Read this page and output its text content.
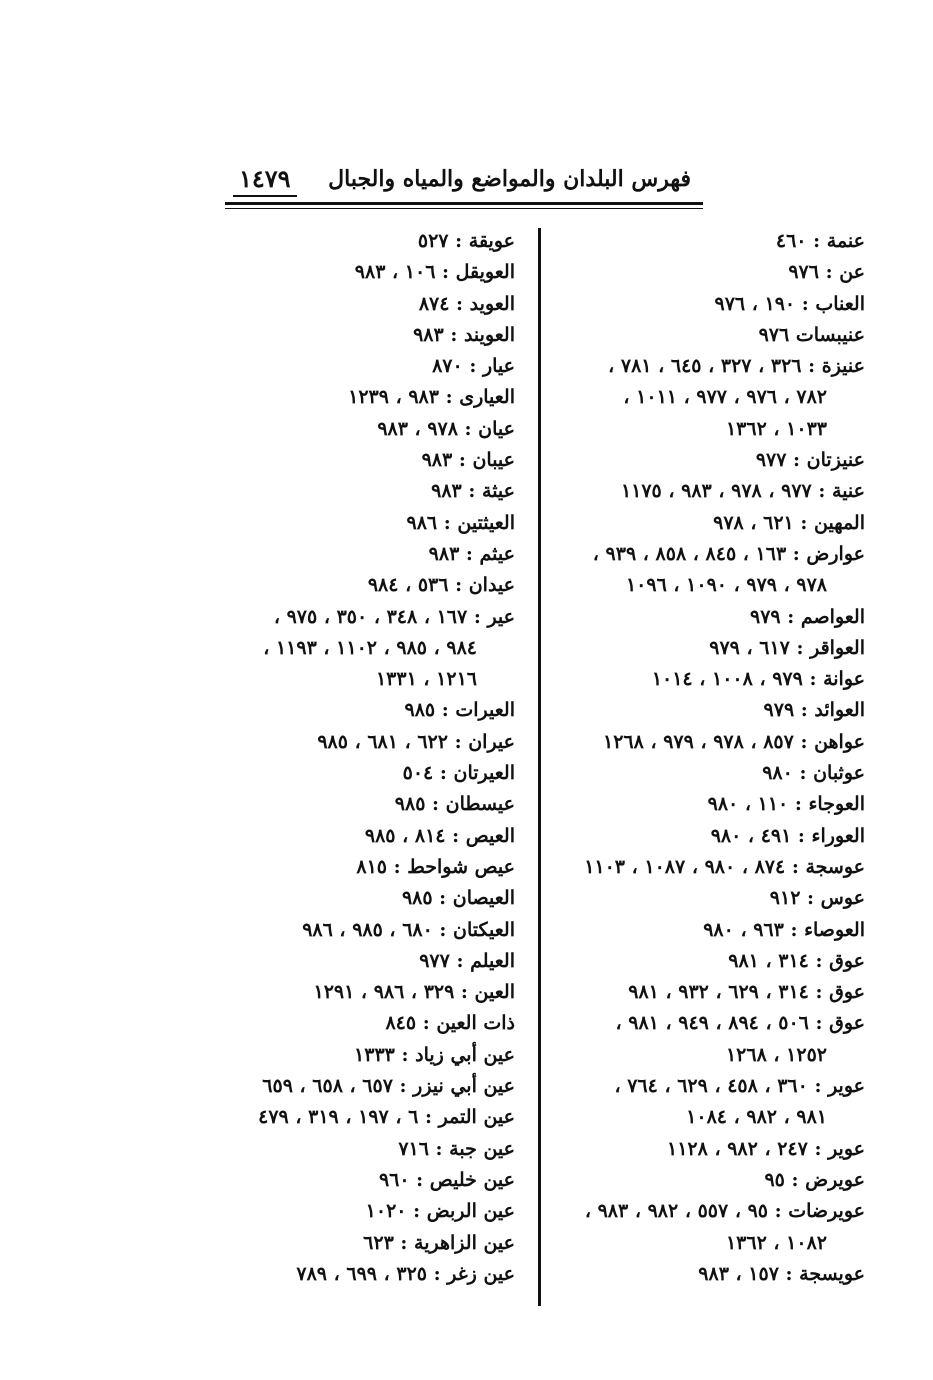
١٤٧٩ فهرس البلدان والمواضع والمياه والجبال
عنمة : ٤٦٠
عن : ٩٧٦
العناب : ١٩٠ ، ٩٧٦
عنيبسات ٩٧٦
عنيزة : ٣٢٦ ، ٣٢٧ ، ٦٤٥ ، ٧٨١ ،
٧٨٢ ، ٩٧٦ ، ٩٧٧ ، ١٠١١ ،
١٠٣٣ ، ١٣٦٢
عنيزتان : ٩٧٧
عنية : ٩٧٧ ، ٩٧٨ ، ٩٨٣ ، ١١٧٥
المهين : ٦٢١ ، ٩٧٨
عوارض : ١٦٣ ، ٨٤٥ ، ٨٥٨ ، ٩٣٩ ،
٩٧٨ ، ٩٧٩ ، ١٠٩٠ ، ١٠٩٦
العواصم : ٩٧٩
العواقر : ٦١٧ ، ٩٧٩
عوانة : ٩٧٩ ، ١٠٠٨ ، ١٠١٤
العوائد : ٩٧٩
عواهن : ٨٥٧ ، ٩٧٨ ، ٩٧٩ ، ١٢٦٨
عوثبان : ٩٨٠
العوجاء : ١١٠ ، ٩٨٠
العوراء : ٤٩١ ، ٩٨٠
عوسجة : ٨٧٤ ، ٩٨٠ ، ١٠٨٧ ، ١١٠٣
عوس : ٩١٢
العوصاء : ٩٦٣ ، ٩٨٠
عوق : ٣١٤ ، ٩٨١
عوق : ٣١٤ ، ٦٢٩ ، ٩٣٢ ، ٩٨١
عوق : ٥٠٦ ، ٨٩٤ ، ٩٤٩ ، ٩٨١ ،
١٢٥٢ ، ١٢٦٨
عوير : ٣٦٠ ، ٤٥٨ ، ٦٢٩ ، ٧٦٤ ،
٩٨١ ، ٩٨٢ ، ١٠٨٤
عوير : ٢٤٧ ، ٩٨٢ ، ١١٢٨
عويرض : ٩٥
عويرضات : ٩٥ ، ٥٥٧ ، ٩٨٢ ، ٩٨٣ ،
١٠٨٢ ، ١٣٦٢
عويسجة : ١٥٧ ، ٩٨٣
عويقة : ٥٢٧
العويقل : ١٠٦ ، ٩٨٣
العويد : ٨٧٤
العويند : ٩٨٣
عيار : ٨٧٠
العيارى : ٩٨٣ ، ١٢٣٩
عيان : ٩٧٨ ، ٩٨٣
عيبان : ٩٨٣
عيثة : ٩٨٣
العيثتين : ٩٨٦
عيثم : ٩٨٣
عيدان : ٥٣٦ ، ٩٨٤
عير : ١٦٧ ، ٣٤٨ ، ٣٥٠ ، ٩٧٥ ،
٩٨٤ ، ٩٨٥ ، ١١٠٢ ، ١١٩٣ ،
١٢١٦ ، ١٣٣١
العيرات : ٩٨٥
عيران : ٦٢٢ ، ٦٨١ ، ٩٨٥
العيرتان : ٥٠٤
عيسطان : ٩٨٥
العيص : ٨١٤ ، ٩٨٥
عيص شواحط : ٨١٥
العيصان : ٩٨٥
العيكتان : ٦٨٠ ، ٩٨٥ ، ٩٨٦
العيلم : ٩٧٧
العين : ٣٢٩ ، ٩٨٦ ، ١٢٩١
ذات العين : ٨٤٥
عين أبي زياد : ١٣٣٣
عين أبي نيزر : ٦٥٧ ، ٦٥٨ ، ٦٥٩
عين التمر : ٦ ، ١٩٧ ، ٣١٩ ، ٤٧٩
عين جبة : ٧١٦
عين خليص : ٩٦٠
عين الربض : ١٠٢٠
عين الزاهرية : ٦٢٣
عين زغر : ٣٢٥ ، ٦٩٩ ، ٧٨٩
